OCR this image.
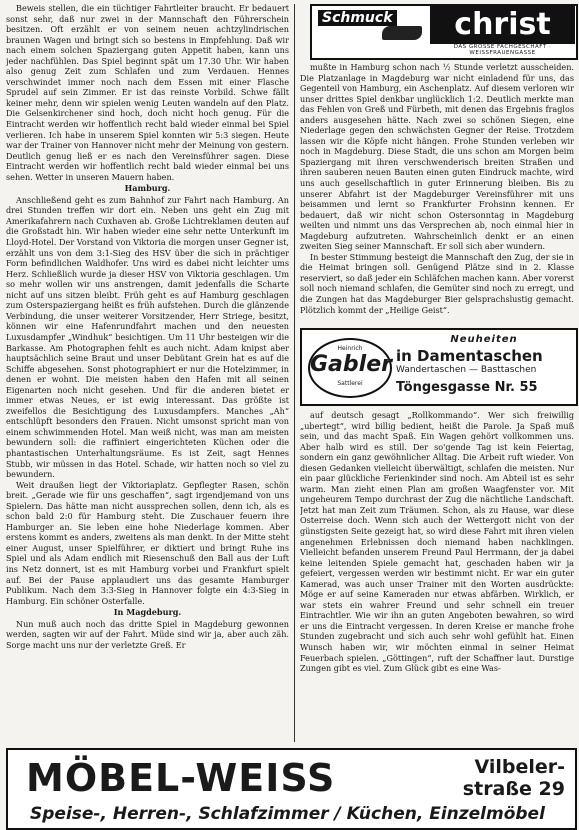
Beweis stellen, die ein tüchtiger Fahrtleiter braucht. Er bedauert sonst sehr, daß nur zwei in der Mannschaft den Führerschein besitzen. Oft erzählt er von seinem neuen achtzylindrischen braunen Wagen und bringt sich so bestens in Empfehlung. Daß wir nach einem solchen Spaziergang guten Appetit haben, kann uns jeder nachfühlen. Das Spiel beginnt spät um 17.30 Uhr. Wir haben also genug Zeit zum Schlafen und zum Verdauen. Hennes verschwindet immer noch nach dem Essen mit einer Flasche Sprudel auf sein Zimmer. Er ist das reinste Vorbild. Schwe fällt keiner mehr, denn wir spielen wenig Leuten wandeln auf den Platz. Die Gelsenkirchener sind hoch, doch nicht hoch genug. Für die Eintracht werden wir hoffentlich recht bald wieder einmal bei Spiel verlieren. Ich habe in unserem Spiel konnten wir 5:3 siegen. Heute war der Trainer von Hannover nicht mehr der Meinung von gestern. Deutlich genug ließ er es nach den Vereinsführer sagen. Diese Eintracht werden wir hoffentlich recht bald wieder einmal bei uns sehen. Wetter in unseren Mauern haben.

Hamburg.

Anschließend geht es zum Bahnhof zur Fahrt nach Hamburg. An drei Stunden treffen wir dort ein. Neben uns geht ein Zug mit Amerikafahrern nach Cuxhaven ab. Große Lichtreklamen deuten auf die Großstadt hin. Wir haben wieder eine sehr nette Unterkunft im Lloyd-Hotel. Der Vorstand von Viktoria die morgen unser Gegner ist, erzählt uns von dem 3:1-Sieg des HSV über die sich in prächtiger Form befindlichen Waldhofer. Uns wird es dabei nicht leichter ums Herz. Schließlich wurde ja dieser HSV von Viktoria geschlagen. Um so mehr wollen wir uns anstrengen, damit jedenfalls die Scharte nicht auf uns sitzen bleibt. Früh geht es auf Hamburg geschlagen zum Osterspaziergang heißt es früh aufstehen. Durch die glänzende Verbindung, die unser weiterer Vorsitzender, Herr Striege, besitzt, können wir eine Hafenrundfahrt machen und den neuesten Luxusdampfer „Windhuk“ besichtigen. Um 11 Uhr besteigen wir die Barkasse. Am Photographen fehlt es auch nicht. Adam knipst aber hauptsächlich seine Braut und unser Debütant Grein hat es auf die Schiffe abgesehen. Sonst photographiert er nur die Hotelzimmer, in denen er wohnt. Die meisten haben den Hafen mit all seinen Eigenarten noch nicht gesehen. Und für die anderen bietet er immer etwas Neues, er ist ewig interessant. Das größte ist zweifellos die Besichtigung des Luxusdampfers. Manches „Ah“ entschlüpft besonders den Frauen. Nicht umsonst spricht man von einem schwimmenden Hotel. Man weiß nicht, was man am meisten bewundern soll: die raffiniert eingerichteten Küchen oder die phantastischen Unterhaltungsräume. Es ist Zeit, sagt Hennes Stubb, wir müssen in das Hotel. Schade, wir hatten noch so viel zu bewundern.

Weit draußen liegt der Viktoriaplatz. Gepflegter Rasen, schön breit. „Gerade wie für uns geschaffen“, sagt irgendjemand von uns Spielern. Das hätte man nicht aussprechen sollen, denn ich, als es schon bald 2:0 für Hamburg steht. Die Zuschauer feuern ihre Hamburger an. Sie leben eine hohe Niederlage kommen. Aber erstens kommt es anders, zweitens als man denkt. In der Mitte steht einer August, unser Spielführer, er diktiert und bringt Ruhe ins Spiel und als Adam endlich mit Riesenschuß den Ball aus der Luft ins Netz donnert, ist es mit Hamburg vorbei und Frankfurt spielt auf. Bei der Pause applaudiert uns das gesamte Hamburger Publikum. Nach dem 3:3-Sieg in Hannover folgte ein 4:3-Sieg in Hamburg. Ein schöner Osterfalle.

In Magdeburg.

Nun muß auch noch das dritte Spiel in Magdeburg gewonnen werden, sagten wir auf der Fahrt. Müde sind wir ja, aber auch zäh. Sorge macht uns nur der verletzte Greß. Er

Schmuck	christ
DAS GROSSE FACHGESCHÄFT · WEISSFRAUENGASSE

mußte in Hamburg schon nach ½ Stunde verletzt ausscheiden. Die Platzanlage in Magdeburg war nicht einladend für uns, das Gegenteil von Hamburg, ein Aschenplatz. Auf diesem verloren wir unser drittes Spiel denkbar unglücklich 1:2. Deutlich merkte man das Fehlen von Greß und Fürbeth, mit denen das Ergebnis fraglos anders ausgesehen hätte. Nach zwei so schönen Siegen, eine Niederlage gegen den schwächsten Gegner der Reise. Trotzdem lassen wir die Köpfe nicht hängen. Frohe Stunden verleben wir noch in Magdeburg. Diese Stadt, die uns schon am Morgen beim Spaziergang mit ihren verschwenderisch breiten Straßen und ihren sauberen neuen Bauten einen guten Eindruck machte, wird uns auch gesellschaftlich in guter Erinnerung bleiben. Bis zu unserer Abfahrt ist der Magdeburger Vereinsführer mit uns beisammen und lernt so Frankfurter Frohsinn kennen. Er bedauert, daß wir nicht schon Ostersonntag in Magdeburg weilten und nimmt uns das Versprechen ab, noch einmal hier in Magdeburg aufzutreten. Wahrscheinlich denkt er an einen zweiten Sieg seiner Mannschaft. Er soll sich aber wundern.

In bester Stimmung besteigt die Mannschaft den Zug, der sie in die Heimat bringen soll. Genügend Plätze sind in 2. Klasse reserviert, so daß jeder ein Schläfchen machen kann. Aber vorerst soll noch niemand schlafen, die Gemüter sind noch zu erregt, und die Zungen hat das Magdeburger Bier gelsprachslustig gemacht. Plötzlich kommt der „Heilige Geist“.

Heinrich
Gabler
Sattlerei
Neuheiten
in Damentaschen
Wandertaschen — Basttaschen
Töngesgasse Nr. 55

auf deutsch gesagt „Rollkommando“. Wer sich freiwillig „ubertegt“, wird billig bedient, heißt die Parole. Ja Spaß muß sein, und das macht Spaß. Ein Wagen gehört vollkommen uns. Aber halb wird es still. Der so'gende Tag ist kein Feiertag, sondern ein ganz gewöhnlicher Alltag. Die Arbeit ruft wieder. Von diesen Gedanken vielleicht überwältigt, schlafen die meisten. Nur ein paar glückliche Ferienkinder sind noch. Am Abteil ist es sehr warm. Man zieht einen Plan am großen Waagfenster vor. Mit ungeheurem Tempo durchrast der Zug die nächtliche Landschaft. Jetzt hat man Zeit zum Träumen. Schon, als zu Hause, war diese Osterreise doch. Wenn sich auch der Wettergott nicht von der günstigsten Seite gezeigt hat, so wird diese Fahrt mit ihren vielen angenehmen Erlebnissen doch niemand haben nachklingen. Vielleicht befanden unserem Freund Paul Herrmann, der ja dabei keine leitenden Spiele gemacht hat, geschaden haben wir ja gefeiert, vergessen werden wir bestimmt nicht. Er war ein guter Kamerad, was auch unser Trainer mit den Worten ausdrückte: Möge er auf seine Kameraden nur etwas abfärben. Wirklich, er war stets ein wahrer Freund und sehr schnell ein treuer Eintrachtler. Wie wir ihn an guten Angeboten bewahren, so wird er uns die Eintracht vergessen. In deren Kreise er manche frohe Stunden zugebracht und sich auch sehr wohl gefühlt hat. Einen Wunsch haben wir, wir möchten einmal in seiner Heimat Feuerbach spielen. „Göttingen“, ruft der Schaffner laut. Durstige Zungen gibt es viel. Zum Glück gibt es eine Was-

MÖBEL-WEISS	Vilbeler-
straße 29
Speise-, Herren-, Schlafzimmer / Küchen, Einzelmöbel
